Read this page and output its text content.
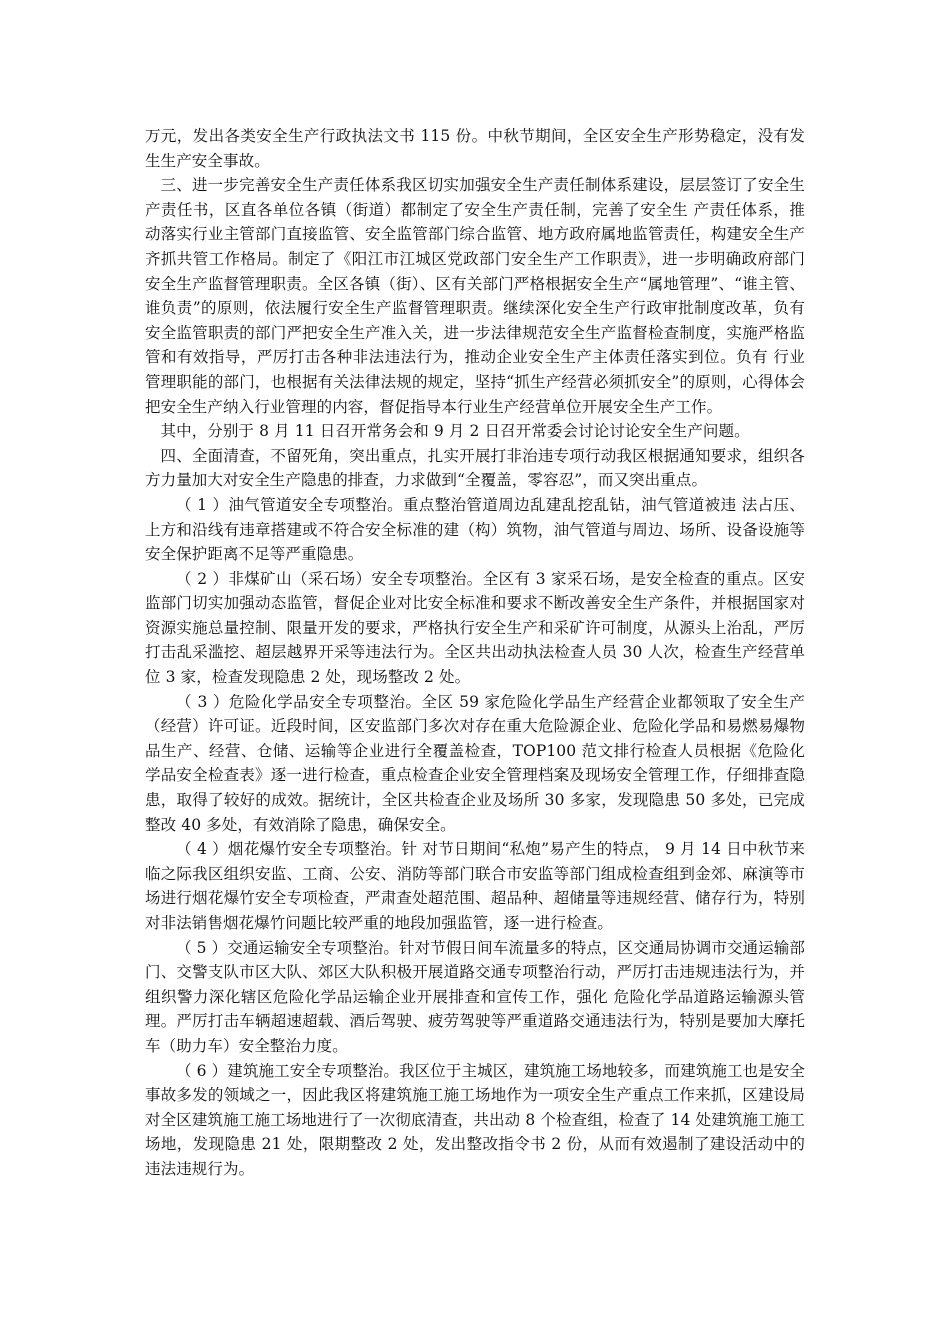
万元，发出各类安全生产行政执法文书 115 份。中秋节期间，全区安全生产形势稳定，没有发生生产安全事故。

三、进一步完善安全生产责任体系我区切实加强安全生产责任制体系建设，层层签订了安全生产责任书，区直各单位各镇（街道）都制定了安全生产责任制，完善了安全生 产责任体系，推动落实行业主管部门直接监管、安全监管部门综合监管、地方政府属地监管责任，构建安全生产齐抓共管工作格局。制定了《阳江市江城区党政部门安全生产工作职责》，进一步明确政府部门安全生产监督管理职责。全区各镇（街）、区有关部门严格根据安全生产“属地管理”、“谁主管、谁负责”的原则，依法履行安全生产监督管理职责。继续深化安全生产行政审批制度改革，负有安全监管职责的部门严把安全生产准入关，进一步法律规范安全生产监督检查制度，实施严格监管和有效指导，严厉打击各种非法违法行为，推动企业安全生产主体责任落实到位。负有 行业管理职能的部门，也根据有关法律法规的规定，坚持“抓生产经营必须抓安全”的原则，心得体会把安全生产纳入行业管理的内容，督促指导本行业生产经营单位开展安全生产工作。

其中，分别于 8 月 11 日召开常务会和 9 月 2 日召开常委会讨论讨论安全生产问题。

四、全面清查，不留死角，突出重点，扎实开展打非治违专项行动我区根据通知要求，组织各方力量加大对安全生产隐患的排查，力求做到“全覆盖，零容忍”，而又突出重点。

（ 1 ）油气管道安全专项整治。重点整治管道周边乱建乱挖乱钻，油气管道被违 法占压、上方和沿线有违章搭建或不符合安全标准的建（构）筑物，油气管道与周边、场所、设备设施等安全保护距离不足等严重隐患。

（ 2 ）非煤矿山（采石场）安全专项整治。全区有 3 家采石场，是安全检查的重点。区安监部门切实加强动态监管，督促企业对比安全标准和要求不断改善安全生产条件，并根据国家对资源实施总量控制、限量开发的要求，严格执行安全生产和采矿许可制度，从源头上治乱，严厉打击乱采滥挖、超层越界开采等违法行为。全区共出动执法检查人员 30 人次，检查生产经营单位 3 家，检查发现隐患 2 处，现场整改 2 处。

（ 3 ）危险化学品安全专项整治。全区 59 家危险化学品生产经营企业都领取了安全生产（经营）许可证。近段时间，区安监部门多次对存在重大危险源企业、危险化学品和易燃易爆物品生产、经营、仓储、运输等企业进行全覆盖检查，TOP100 范文排行检查人员根据《危险化学品安全检查表》逐一进行检查，重点检查企业安全管理档案及现场安全管理工作，仔细排查隐患，取得了较好的成效。据统计，全区共检查企业及场所 30 多家，发现隐患 50 多处，已完成整改 40 多处，有效消除了隐患，确保安全。

（ 4 ）烟花爆竹安全专项整治。针 对节日期间“私炮”易产生的特点， 9 月 14 日中秋节来临之际我区组织安监、工商、公安、消防等部门联合市安监等部门组成检查组到金郊、麻演等市场进行烟花爆竹安全专项检查，严肃查处超范围、超品种、超储量等违规经营、储存行为，特别对非法销售烟花爆竹问题比较严重的地段加强监管，逐一进行检查。

（ 5 ）交通运输安全专项整治。针对节假日间车流量多的特点，区交通局协调市交通运输部门、交警支队市区大队、郊区大队积极开展道路交通专项整治行动，严厉打击违规违法行为，并组织警力深化辖区危险化学品运输企业开展排查和宣传工作，强化 危险化学品道路运输源头管理。严厉打击车辆超速超载、酒后驾驶、疲劳驾驶等严重道路交通违法行为，特别是要加大摩托车（助力车）安全整治力度。

（ 6 ）建筑施工安全专项整治。我区位于主城区，建筑施工场地较多，而建筑施工也是安全事故多发的领域之一，因此我区将建筑施工施工场地作为一项安全生产重点工作来抓，区建设局对全区建筑施工施工场地进行了一次彻底清查，共出动 8 个检查组，检查了 14 处建筑施工施工场地，发现隐患 21 处，限期整改 2 处，发出整改指令书 2 份，从而有效遏制了建设活动中的违法违规行为。
